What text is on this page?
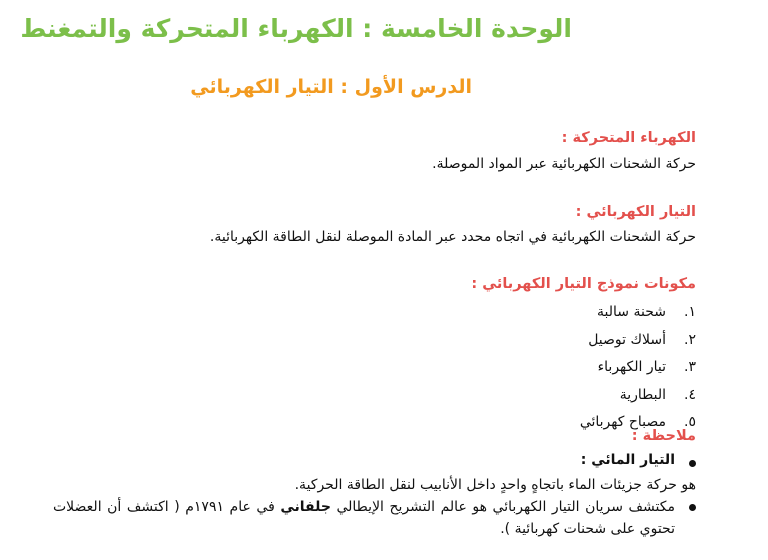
الوحدة الخامسة : الكهرباء المتحركة والتمغنط
الدرس الأول : التيار الكهربائي
الكهرباء المتحركة :
حركة الشحنات الكهربائية عبر المواد الموصلة.
التيار الكهربائي :
حركة الشحنات الكهربائية في اتجاه محدد عبر المادة الموصلة لنقل الطاقة الكهربائية.
مكونات نموذج التيار الكهربائي :
١.
شحنة سالبة
٢.
أسلاك توصيل
٣.
تيار الكهرباء
٤.
البطارية
٥.
مصباح كهربائي
ملاحظة :
التيار المائي :
هو حركة جزيئات الماء باتجاهٍ واحدٍ داخل الأنابيب لنقل الطاقة الحركية.
مكتشف سريان التيار الكهربائي هو عالم التشريح الإيطالي جلفاني في عام ١٧٩١م ( اكتشف أن العضلات تحتوي على شحنات كهربائية ).
